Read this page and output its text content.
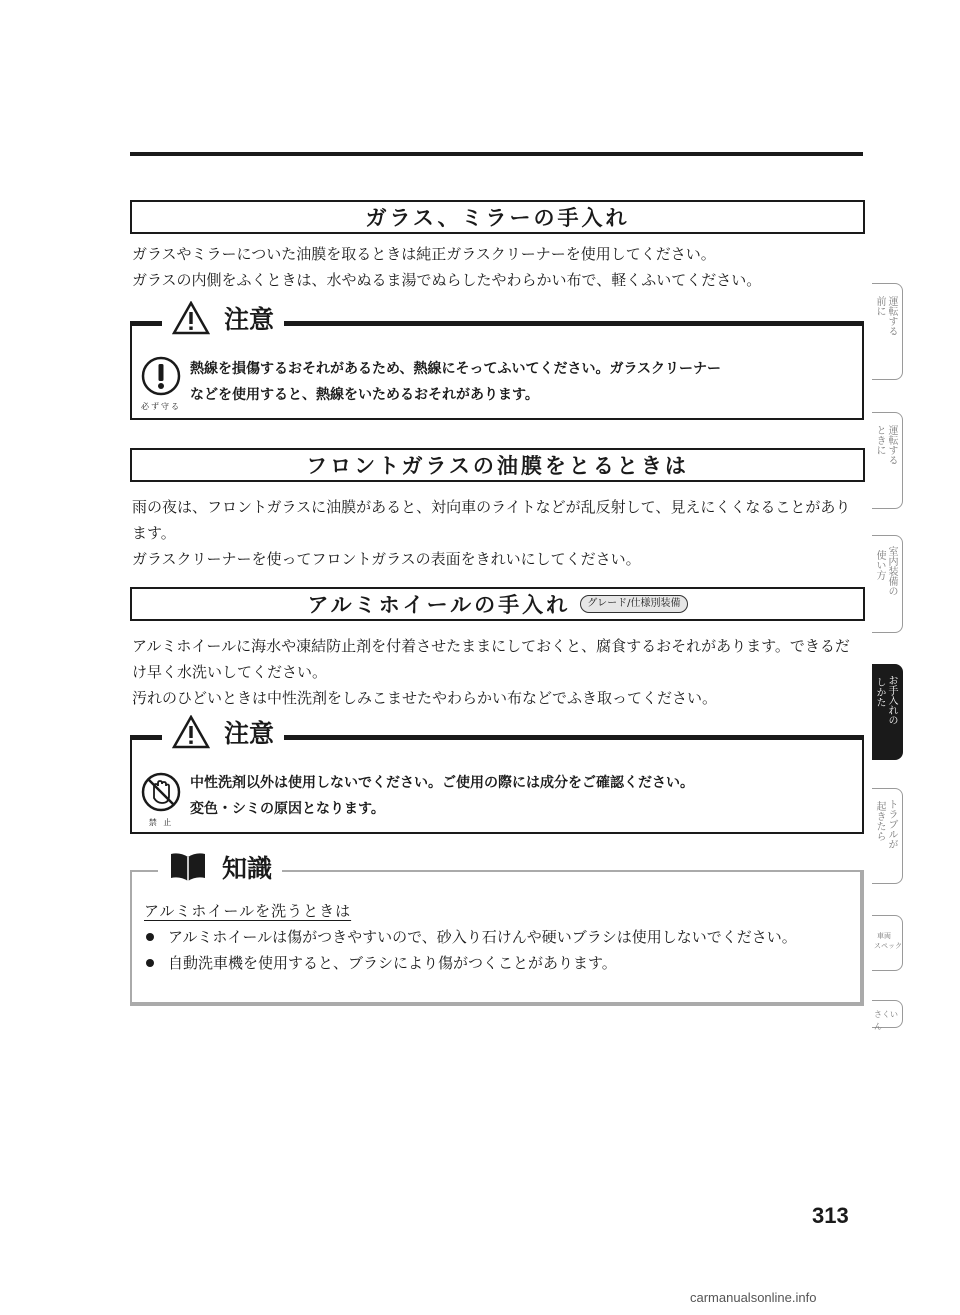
ガラス、ミラーの手入れ
ガラスやミラーについた油膜を取るときは純正ガラスクリーナーを使用してください。
ガラスの内側をふくときは、水やぬるま湯でぬらしたやわらかい布で、軽くふいてください。
注意
必ず守る
熱線を損傷するおそれがあるため、熱線にそってふいてください。ガラスクリーナー
などを使用すると、熱線をいためるおそれがあります。
フロントガラスの油膜をとるときは
雨の夜は、フロントガラスに油膜があると、対向車のライトなどが乱反射して、見えにくくなることがあります。
ガラスクリーナーを使ってフロントガラスの表面をきれいにしてください。
アルミホイールの手入れ	グレード/仕様別装備
アルミホイールに海水や凍結防止剤を付着させたままにしておくと、腐食するおそれがあります。できるだけ早く水洗いしてください。
汚れのひどいときは中性洗剤をしみこませたやわらかい布などでふき取ってください。
注意
禁 止
中性洗剤以外は使用しないでください。ご使用の際には成分をご確認ください。
変色・シミの原因となります。
知識
アルミホイールを洗うときは
アルミホイールは傷がつきやすいので、砂入り石けんや硬いブラシは使用しないでください。
自動洗車機を使用すると、ブラシにより傷がつくことがあります。
運転する
前に
運転する
ときに
室内装備の
使い方
お手入れの
しかた
トラブルが
起きたら
車両
スペック
さくいん
313
carmanualsonline.info
